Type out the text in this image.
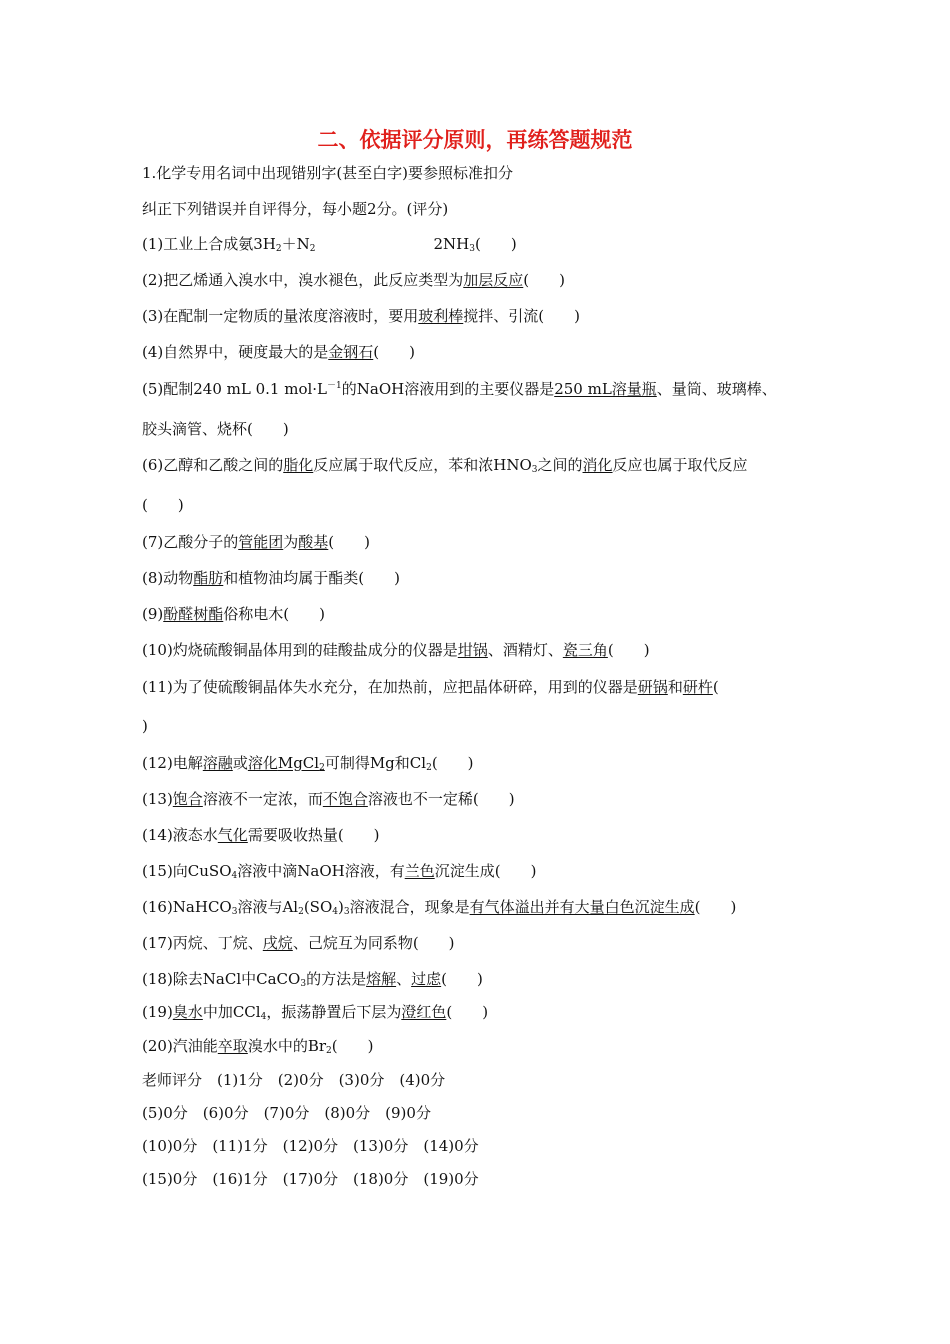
二、依据评分原则，再练答题规范
1.化学专用名词中出现错别字(甚至白字)要参照标准扣分
纠正下列错误并自评得分，每小题2分。(评分)
(1)工业上合成氨$3H_2+N_2$	$2NH_3$(　　)
(2)把乙烯通入溴水中，溴水褪色，此反应类型为加层反应(　　)
(3)在配制一定物质的量浓度溶液时，要用玻利棒搅拌、引流(　　)
(4)自然界中，硬度最大的是金钢石(　　)
(5)配制240 mL 0.1 $mol\cdot L^{-1}$的NaOH溶液用到的主要仪器是250 mL溶量瓶、量筒、玻璃棒、
胶头滴管、烧杯(　　)
(6)乙醇和乙酸之间的脂化反应属于取代反应，苯和浓$HNO_3$之间的消化反应也属于取代反应
(　　)
(7)乙酸分子的管能团为酸基(　　)
(8)动物酯肪和植物油均属于酯类(　　)
(9)酚醛树酯俗称电木(　　)
(10)灼烧硫酸铜晶体用到的硅酸盐成分的仪器是坩锅、酒精灯、瓷三角(　　)
(11)为了使硫酸铜晶体失水充分，在加热前，应把晶体研碎，用到的仪器是研锅和研杵(
)
(12)电解溶融或溶化MgCl$_2$可制得Mg和$Cl_2$(　　)
(13)饱合溶液不一定浓，而不饱合溶液也不一定稀(　　)
(14)液态水气化需要吸收热量(　　)
(15)向CuSO$_4$溶液中滴NaOH溶液，有兰色沉淀生成(　　)
(16)NaHCO$_3$溶液与$Al_2(SO_4)_3$溶液混合，现象是有气体溢出并有大量白色沉淀生成(　　)
(17)丙烷、丁烷、戌烷、己烷互为同系物(　　)
(18)除去NaCl中CaCO$_3$的方法是熔解、过虑(　　)
(19)臭水中加CCl$_4$，振荡静置后下层为澄红色(　　)
(20)汽油能卒取溴水中的$Br_2$(　　)
老师评分　(1)1分　(2)0分　(3)0分　(4)0分
(5)0分　(6)0分　(7)0分　(8)0分　(9)0分
(10)0分　(11)1分　(12)0分　(13)0分　(14)0分
(15)0分　(16)1分　(17)0分　(18)0分　(19)0分
